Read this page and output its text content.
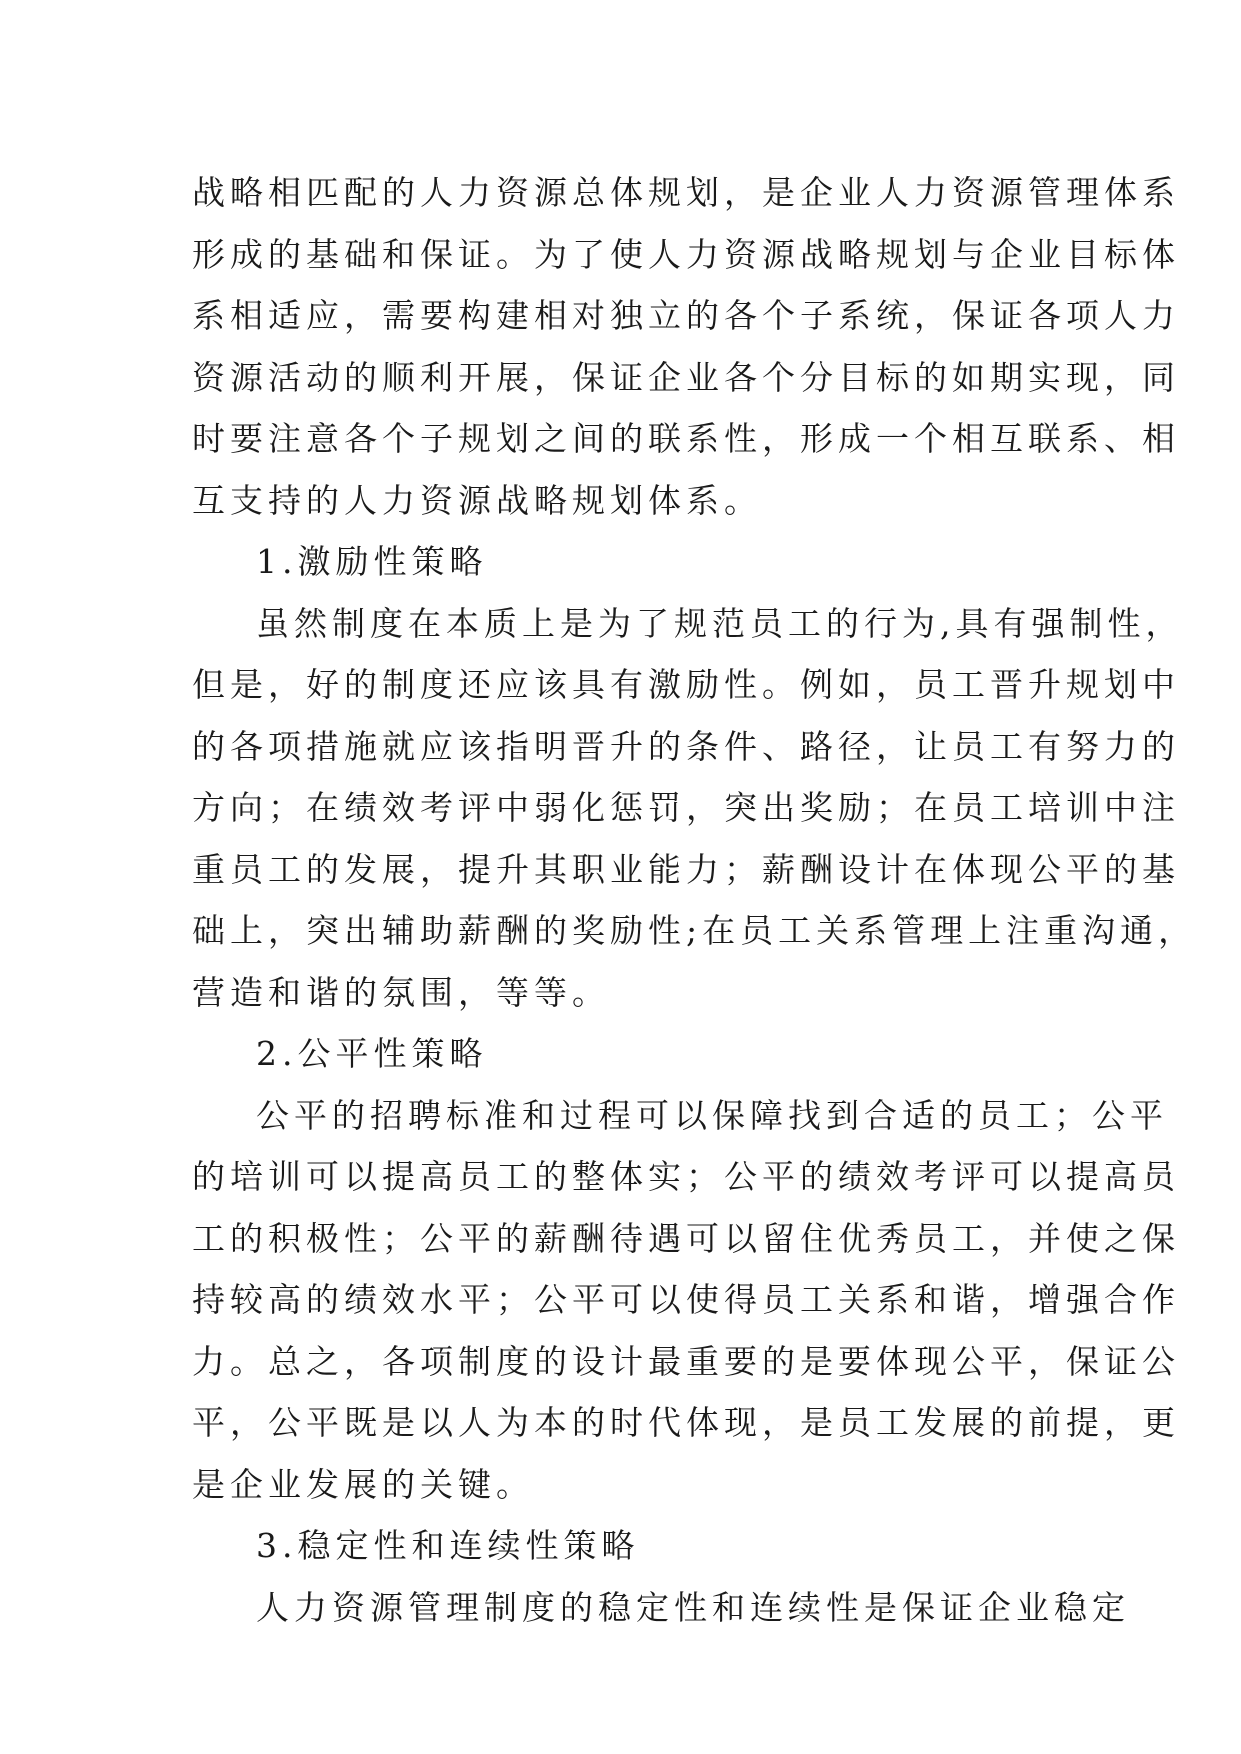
战略相匹配的人力资源总体规划，是企业人力资源管理体系
形成的基础和保证。为了使人力资源战略规划与企业目标体
系相适应，需要构建相对独立的各个子系统，保证各项人力
资源活动的顺利开展，保证企业各个分目标的如期实现，同
时要注意各个子规划之间的联系性，形成一个相互联系、相
互支持的人力资源战略规划体系。
1.激励性策略
虽然制度在本质上是为了规范员工的行为,具有强制性，
但是，好的制度还应该具有激励性。例如，员工晋升规划中
的各项措施就应该指明晋升的条件、路径，让员工有努力的
方向；在绩效考评中弱化惩罚，突出奖励；在员工培训中注
重员工的发展，提升其职业能力；薪酬设计在体现公平的基
础上，突出辅助薪酬的奖励性;在员工关系管理上注重沟通，
营造和谐的氛围，等等。
2.公平性策略
公平的招聘标准和过程可以保障找到合适的员工；公平
的培训可以提高员工的整体实；公平的绩效考评可以提高员
工的积极性；公平的薪酬待遇可以留住优秀员工，并使之保
持较高的绩效水平；公平可以使得员工关系和谐，增强合作
力。总之，各项制度的设计最重要的是要体现公平，保证公
平，公平既是以人为本的时代体现，是员工发展的前提，更
是企业发展的关键。
3.稳定性和连续性策略
人力资源管理制度的稳定性和连续性是保证企业稳定
